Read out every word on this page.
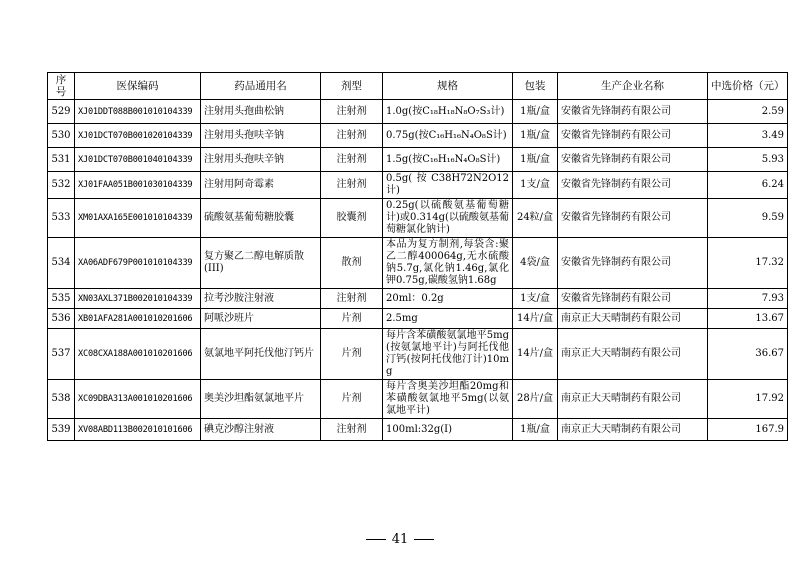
序号	医保编码	药品通用名	剂型	规格	包装	生产企业名称	中选价格（元）
529	XJ01DDT088B001010104339	注射用头孢曲松钠	注射剂	1.0g(按C₁₈H₁₈N₈O₇S₃计)	1瓶/盒	安徽省先锋制药有限公司	2.59
530	XJ01DCT070B001020104339	注射用头孢呋辛钠	注射剂	0.75g(按C₁₆H₁₆N₄O₈S计)	1瓶/盒	安徽省先锋制药有限公司	3.49
531	XJ01DCT070B001040104339	注射用头孢呋辛钠	注射剂	1.5g(按C₁₆H₁₆N₄O₈S计)	1瓶/盒	安徽省先锋制药有限公司	5.93
532	XJ01FAA051B001030104339	注射用阿奇霉素	注射剂	0.5g(按C38H72N2O12计)	1支/盒	安徽省先锋制药有限公司	6.24
533	XM01AXA165E001010104339	硫酸氨基葡萄糖胶囊	胶囊剂	0.25g(以硫酸氨基葡萄糖计)或0.314g(以硫酸氨基葡萄糖氯化钠计)	24粒/盒	安徽省先锋制药有限公司	9.59
534	XA06ADF679P001010104339	复方聚乙二醇电解质散(III)	散剂	本品为复方制剂,每袋含:聚乙二醇400064g,无水硫酸钠5.7g,氯化钠1.46g,氯化钾0.75g,碳酸氢钠1.68g	4袋/盒	安徽省先锋制药有限公司	17.32
535	XN03AXL371B002010104339	拉考沙胺注射液	注射剂	20ml：0.2g	1支/盒	安徽省先锋制药有限公司	7.93
536	XB01AFA281A001010201606	阿哌沙班片	片剂	2.5mg	14片/盒	南京正大天晴制药有限公司	13.67
537	XC08CXA188A001010201606	氨氯地平阿托伐他汀钙片	片剂	每片含苯磺酸氨氯地平5mg(按氨氯地平计)与阿托伐他汀钙(按阿托伐他汀计)10mg	14片/盒	南京正大天晴制药有限公司	36.67
538	XC09DBA313A001010201606	奥美沙坦酯氨氯地平片	片剂	每片含奥美沙坦酯20mg和苯磺酸氨氯地平5mg(以氨氯地平计)	28片/盒	南京正大天晴制药有限公司	17.92
539	XV08ABD113B002010101606	碘克沙醇注射液	注射剂	100ml:32g(Ⅰ)	1瓶/盒	南京正大天晴制药有限公司	167.9
41
